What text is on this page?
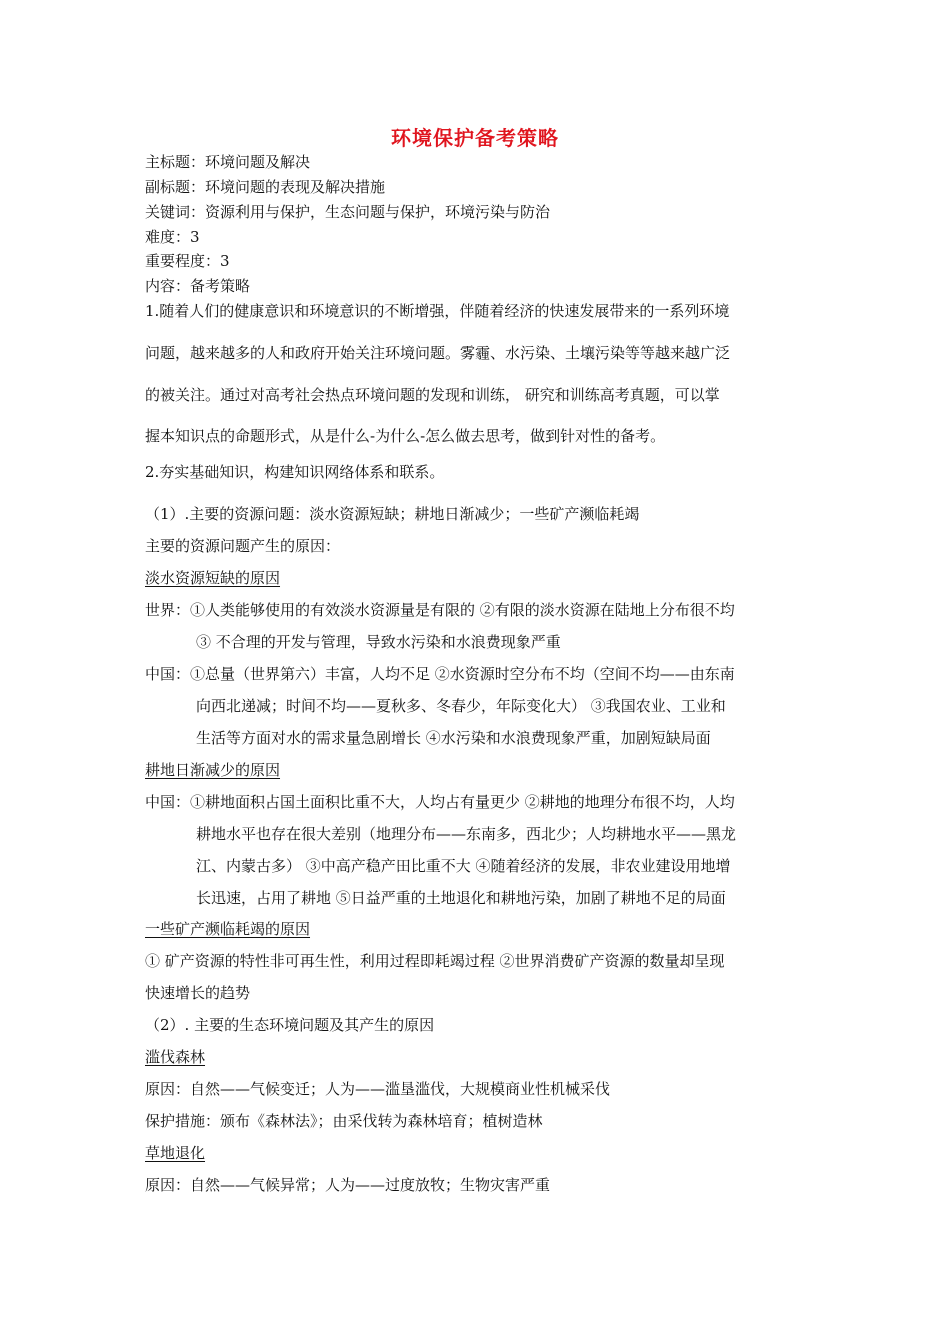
环境保护备考策略
主标题：环境问题及解决
副标题：环境问题的表现及解决措施
关键词：资源利用与保护，生态问题与保护，环境污染与防治
难度：3
重要程度：3
内容：备考策略
1.随着人们的健康意识和环境意识的不断增强，伴随着经济的快速发展带来的一系列环境
问题，越来越多的人和政府开始关注环境问题。雾霾、水污染、土壤污染等等越来越广泛
的被关注。通过对高考社会热点环境问题的发现和训练， 研究和训练高考真题，可以掌
握本知识点的命题形式，从是什么-为什么-怎么做去思考，做到针对性的备考。
2.夯实基础知识，构建知识网络体系和联系。
（1）.主要的资源问题：淡水资源短缺；耕地日渐减少；一些矿产濒临耗竭
主要的资源问题产生的原因：
淡水资源短缺的原因
世界：①人类能够使用的有效淡水资源量是有限的 ②有限的淡水资源在陆地上分布很不均
③ 不合理的开发与管理，导致水污染和水浪费现象严重
中国：①总量（世界第六）丰富，人均不足 ②水资源时空分布不均（空间不均——由东南
向西北递减；时间不均——夏秋多、冬春少，年际变化大） ③我国农业、工业和
生活等方面对水的需求量急剧增长 ④水污染和水浪费现象严重，加剧短缺局面
耕地日渐减少的原因
中国：①耕地面积占国土面积比重不大，人均占有量更少 ②耕地的地理分布很不均，人均
耕地水平也存在很大差别（地理分布——东南多，西北少；人均耕地水平——黑龙
江、内蒙古多） ③中高产稳产田比重不大 ④随着经济的发展，非农业建设用地增
长迅速，占用了耕地 ⑤日益严重的土地退化和耕地污染，加剧了耕地不足的局面
一些矿产濒临耗竭的原因
① 矿产资源的特性非可再生性，利用过程即耗竭过程 ②世界消费矿产资源的数量却呈现
快速增长的趋势
（2）. 主要的生态环境问题及其产生的原因
滥伐森林
原因：自然——气候变迁；人为——滥垦滥伐，大规模商业性机械采伐
保护措施：颁布《森林法》；由采伐转为森林培育；植树造林
草地退化
原因：自然——气候异常；人为——过度放牧；生物灾害严重
